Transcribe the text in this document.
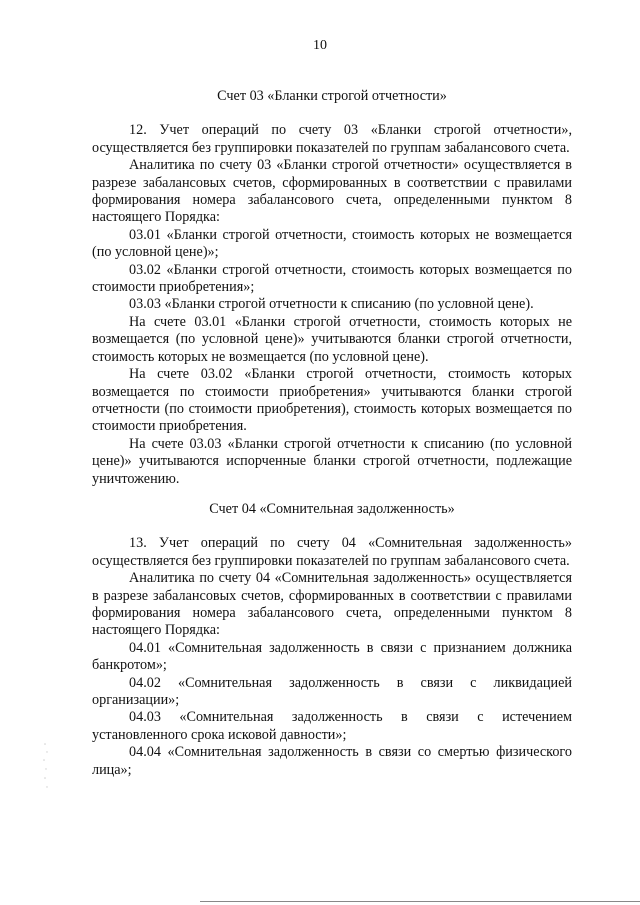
10
Счет 03 «Бланки строгой отчетности»

12. Учет операций по счету 03 «Бланки строгой отчетности», осуществляется без группировки показателей по группам забалансового счета.

Аналитика по счету 03 «Бланки строгой отчетности» осуществляется в разрезе забалансовых счетов, сформированных в соответствии с правилами формирования номера забалансового счета, определенными пунктом 8 настоящего Порядка:

03.01 «Бланки строгой отчетности, стоимость которых не возмещается (по условной цене)»;

03.02 «Бланки строгой отчетности, стоимость которых возмещается по стоимости приобретения»;

03.03 «Бланки строгой отчетности к списанию (по условной цене).

На счете 03.01 «Бланки строгой отчетности, стоимость которых не возмещается (по условной цене)» учитываются бланки строгой отчетности, стоимость которых не возмещается (по условной цене).

На счете 03.02 «Бланки строгой отчетности, стоимость которых возмещается по стоимости приобретения» учитываются бланки строгой отчетности (по стоимости приобретения), стоимость которых возмещается по стоимости приобретения.

На счете 03.03 «Бланки строгой отчетности к списанию (по условной цене)» учитываются испорченные бланки строгой отчетности, подлежащие уничтожению.

Счет 04 «Сомнительная задолженность»

13. Учет операций по счету 04 «Сомнительная задолженность» осуществляется без группировки показателей по группам забалансового счета.

Аналитика по счету 04 «Сомнительная задолженность» осуществляется в разрезе забалансовых счетов, сформированных в соответствии с правилами формирования номера забалансового счета, определенными пунктом 8 настоящего Порядка:

04.01 «Сомнительная задолженность в связи с признанием должника банкротом»;

04.02 «Сомнительная задолженность в связи с ликвидацией организации»;

04.03 «Сомнительная задолженность в связи с истечением установленного срока исковой давности»;

04.04 «Сомнительная задолженность в связи со смертью физического лица»;
